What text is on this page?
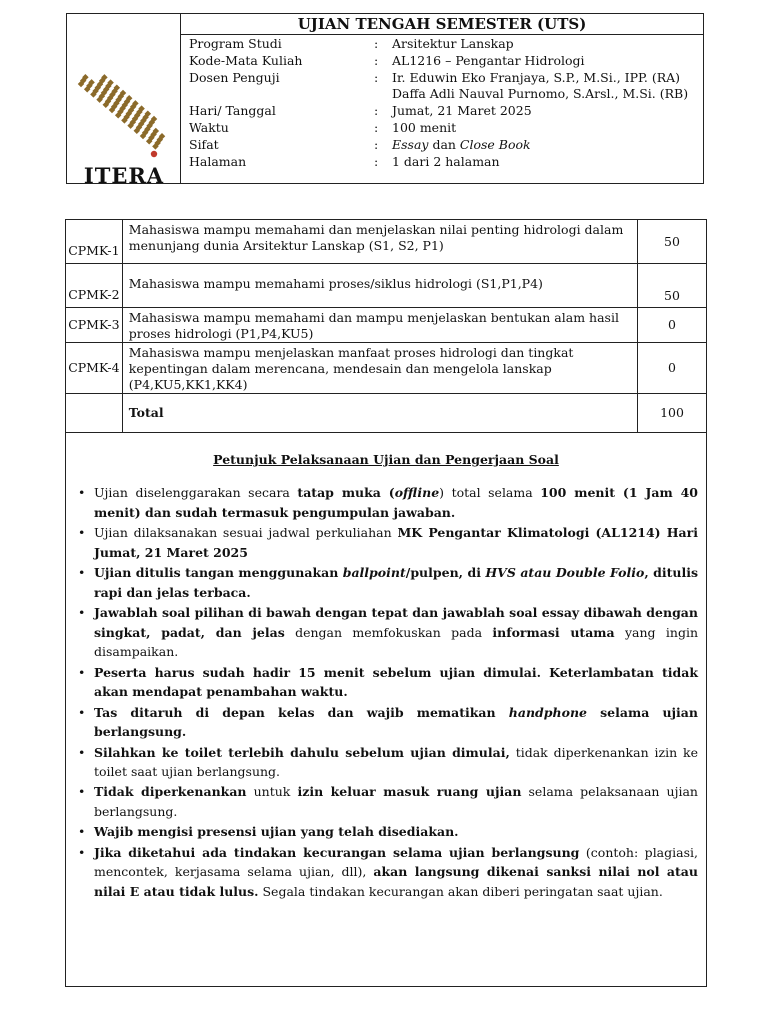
ITERA
UJIAN TENGAH SEMESTER (UTS)
Program Studi	: Arsitektur Lanskap
Kode-Mata Kuliah	: AL1216 – Pengantar Hidrologi
Dosen Penguji	: Ir. Eduwin Eko Franjaya, S.P., M.Si., IPP. (RA)
Daffa Adli Nauval Purnomo, S.Arsl., M.Si. (RB)
Hari/ Tanggal	: Jumat, 21 Maret 2025
Waktu	: 100 menit
Sifat	: Essay dan Close Book
Halaman	: 1 dari 2 halaman
CPMK-1	Mahasiswa mampu memahami dan menjelaskan nilai penting hidrologi dalam menunjang dunia Arsitektur Lanskap (S1, S2, P1)	50
CPMK-2	Mahasiswa mampu memahami proses/siklus hidrologi (S1,P1,P4)	50
CPMK-3	Mahasiswa mampu memahami dan mampu menjelaskan bentukan alam hasil proses hidrologi (P1,P4,KU5)	0
CPMK-4	Mahasiswa mampu menjelaskan manfaat proses hidrologi dan tingkat kepentingan dalam merencana, mendesain dan mengelola lanskap (P4,KU5,KK1,KK4)	0
	Total	100
Petunjuk Pelaksanaan Ujian dan Pengerjaan Soal
• Ujian diselenggarakan secara tatap muka (offline) total selama 100 menit (1 Jam 40 menit) dan sudah termasuk pengumpulan jawaban.
• Ujian dilaksanakan sesuai jadwal perkuliahan MK Pengantar Klimatologi (AL1214) Hari Jumat, 21 Maret 2025
• Ujian ditulis tangan menggunakan ballpoint/pulpen, di HVS atau Double Folio, ditulis rapi dan jelas terbaca.
• Jawablah soal pilihan di bawah dengan tepat dan jawablah soal essay dibawah dengan singkat, padat, dan jelas dengan memfokuskan pada informasi utama yang ingin disampaikan.
• Peserta harus sudah hadir 15 menit sebelum ujian dimulai. Keterlambatan tidak akan mendapat penambahan waktu.
• Tas ditaruh di depan kelas dan wajib mematikan handphone selama ujian berlangsung.
• Silahkan ke toilet terlebih dahulu sebelum ujian dimulai, tidak diperkenankan izin ke toilet saat ujian berlangsung.
• Tidak diperkenankan untuk izin keluar masuk ruang ujian selama pelaksanaan ujian berlangsung.
• Wajib mengisi presensi ujian yang telah disediakan.
• Jika diketahui ada tindakan kecurangan selama ujian berlangsung (contoh: plagiasi, mencontek, kerjasama selama ujian, dll), akan langsung dikenai sanksi nilai nol atau nilai E atau tidak lulus. Segala tindakan kecurangan akan diberi peringatan saat ujian.
